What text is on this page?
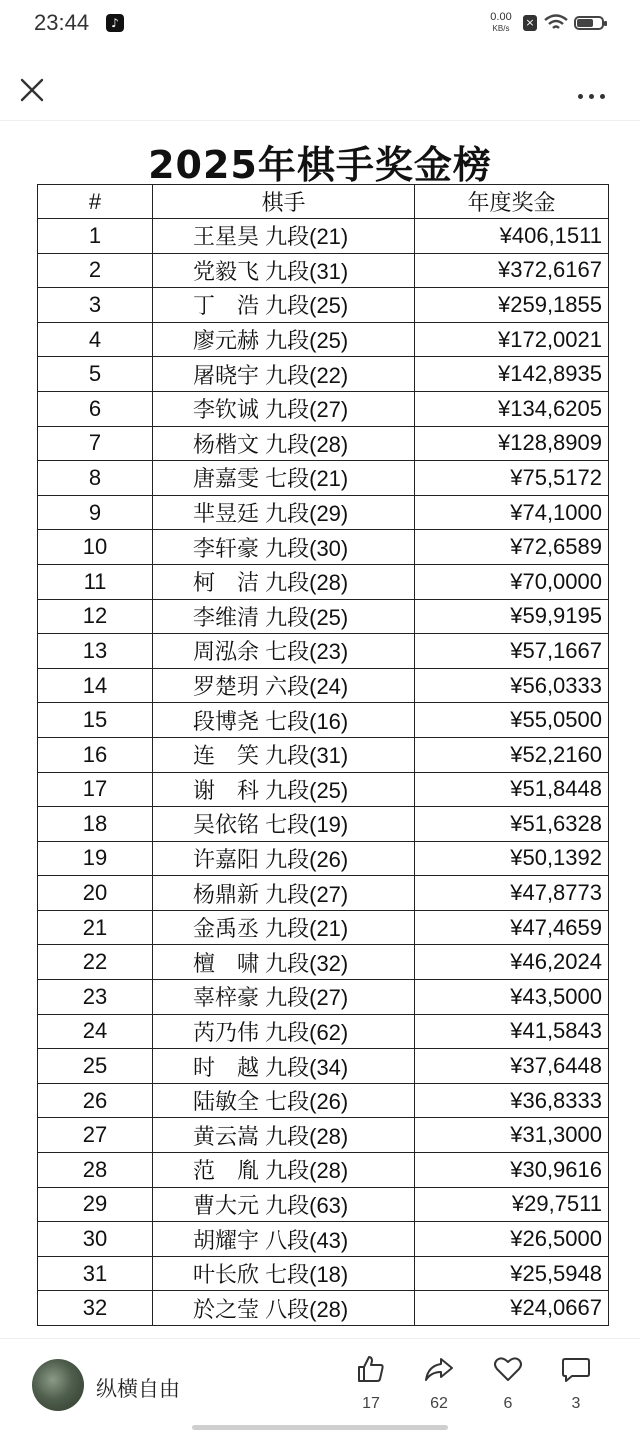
23:44	♪	0.00
KB/s	×
2025年棋手奖金榜
#	棋手	年度奖金
1	王星昊 九段(21)	¥406,1511
2	党毅飞 九段(31)	¥372,6167
3	丁　浩 九段(25)	¥259,1855
4	廖元赫 九段(25)	¥172,0021
5	屠晓宇 九段(22)	¥142,8935
6	李钦诚 九段(27)	¥134,6205
7	杨楷文 九段(28)	¥128,8909
8	唐嘉雯 七段(21)	¥75,5172
9	芈昱廷 九段(29)	¥74,1000
10	李轩豪 九段(30)	¥72,6589
11	柯　洁 九段(28)	¥70,0000
12	李维清 九段(25)	¥59,9195
13	周泓余 七段(23)	¥57,1667
14	罗楚玥 六段(24)	¥56,0333
15	段博尧 七段(16)	¥55,0500
16	连　笑 九段(31)	¥52,2160
17	谢　科 九段(25)	¥51,8448
18	吴依铭 七段(19)	¥51,6328
19	许嘉阳 九段(26)	¥50,1392
20	杨鼎新 九段(27)	¥47,8773
21	金禹丞 九段(21)	¥47,4659
22	檀　啸 九段(32)	¥46,2024
23	辜梓豪 九段(27)	¥43,5000
24	芮乃伟 九段(62)	¥41,5843
25	时　越 九段(34)	¥37,6448
26	陆敏全 七段(26)	¥36,8333
27	黄云嵩 九段(28)	¥31,3000
28	范　胤 九段(28)	¥30,9616
29	曹大元 九段(63)	¥29,7511
30	胡耀宇 八段(43)	¥26,5000
31	叶长欣 七段(18)	¥25,5948
32	於之莹 八段(28)	¥24,0667
纵横自由
17	62	6	3
